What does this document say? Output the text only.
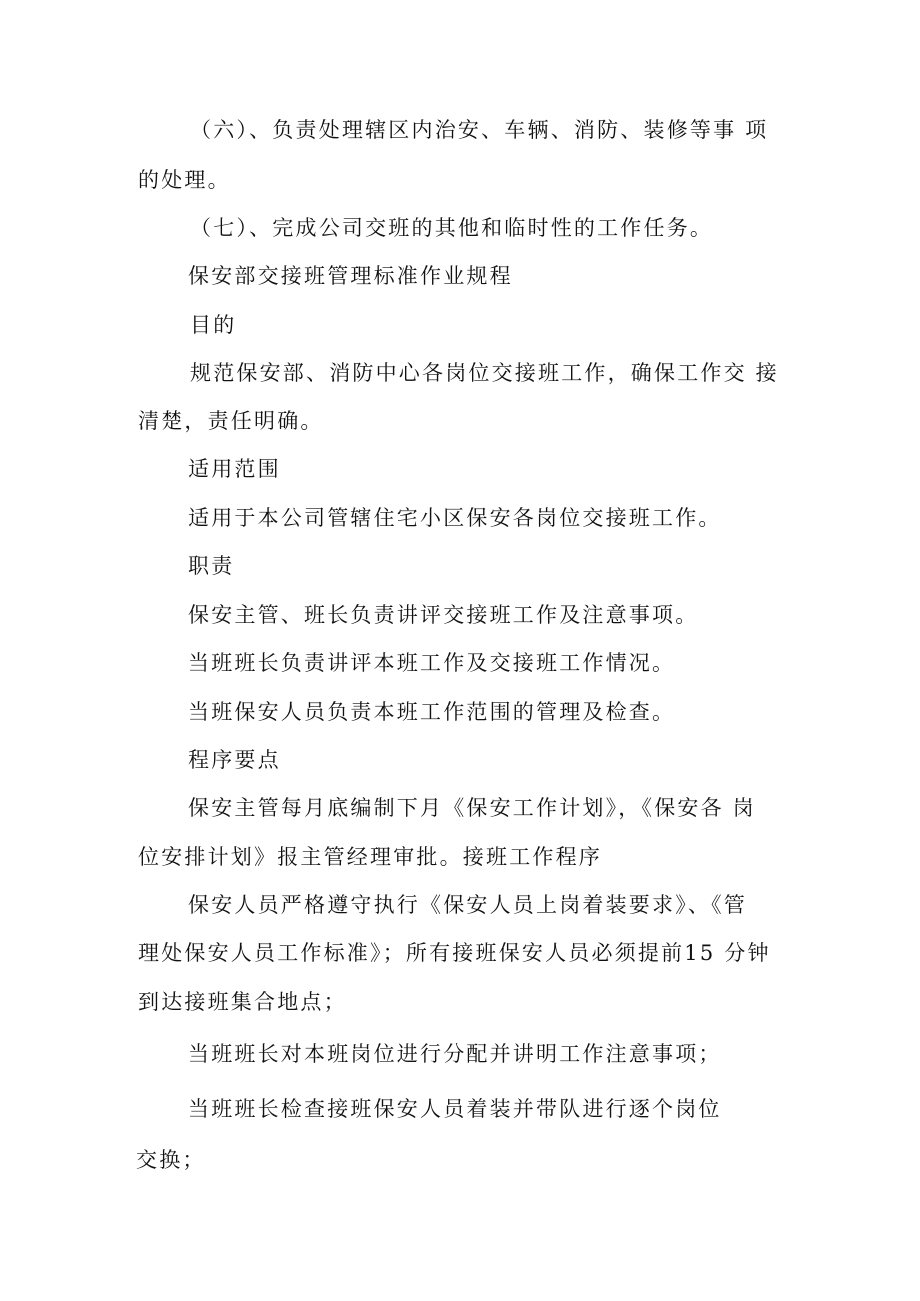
（六）、负责处理辖区内治安、车辆、消防、装修等事 项
的处理。
（七）、完成公司交班的其他和临时性的工作任务。
保安部交接班管理标准作业规程
目的
规范保安部、消防中心各岗位交接班工作，确保工作交 接
清楚，责任明确。
适用范围
适用于本公司管辖住宅小区保安各岗位交接班工作。
职责
保安主管、班长负责讲评交接班工作及注意事项。
当班班长负责讲评本班工作及交接班工作情况。
当班保安人员负责本班工作范围的管理及检查。
程序要点
保安主管每月底编制下月《保安工作计划》，《保安各 岗
位安排计划》报主管经理审批。接班工作程序
保安人员严格遵守执行《保安人员上岗着装要求》、《管
理处保安人员工作标准》；所有接班保安人员必须提前15 分钟
到达接班集合地点；
当班班长对本班岗位进行分配并讲明工作注意事项；
当班班长检查接班保安人员着装并带队进行逐个岗位
交换；
